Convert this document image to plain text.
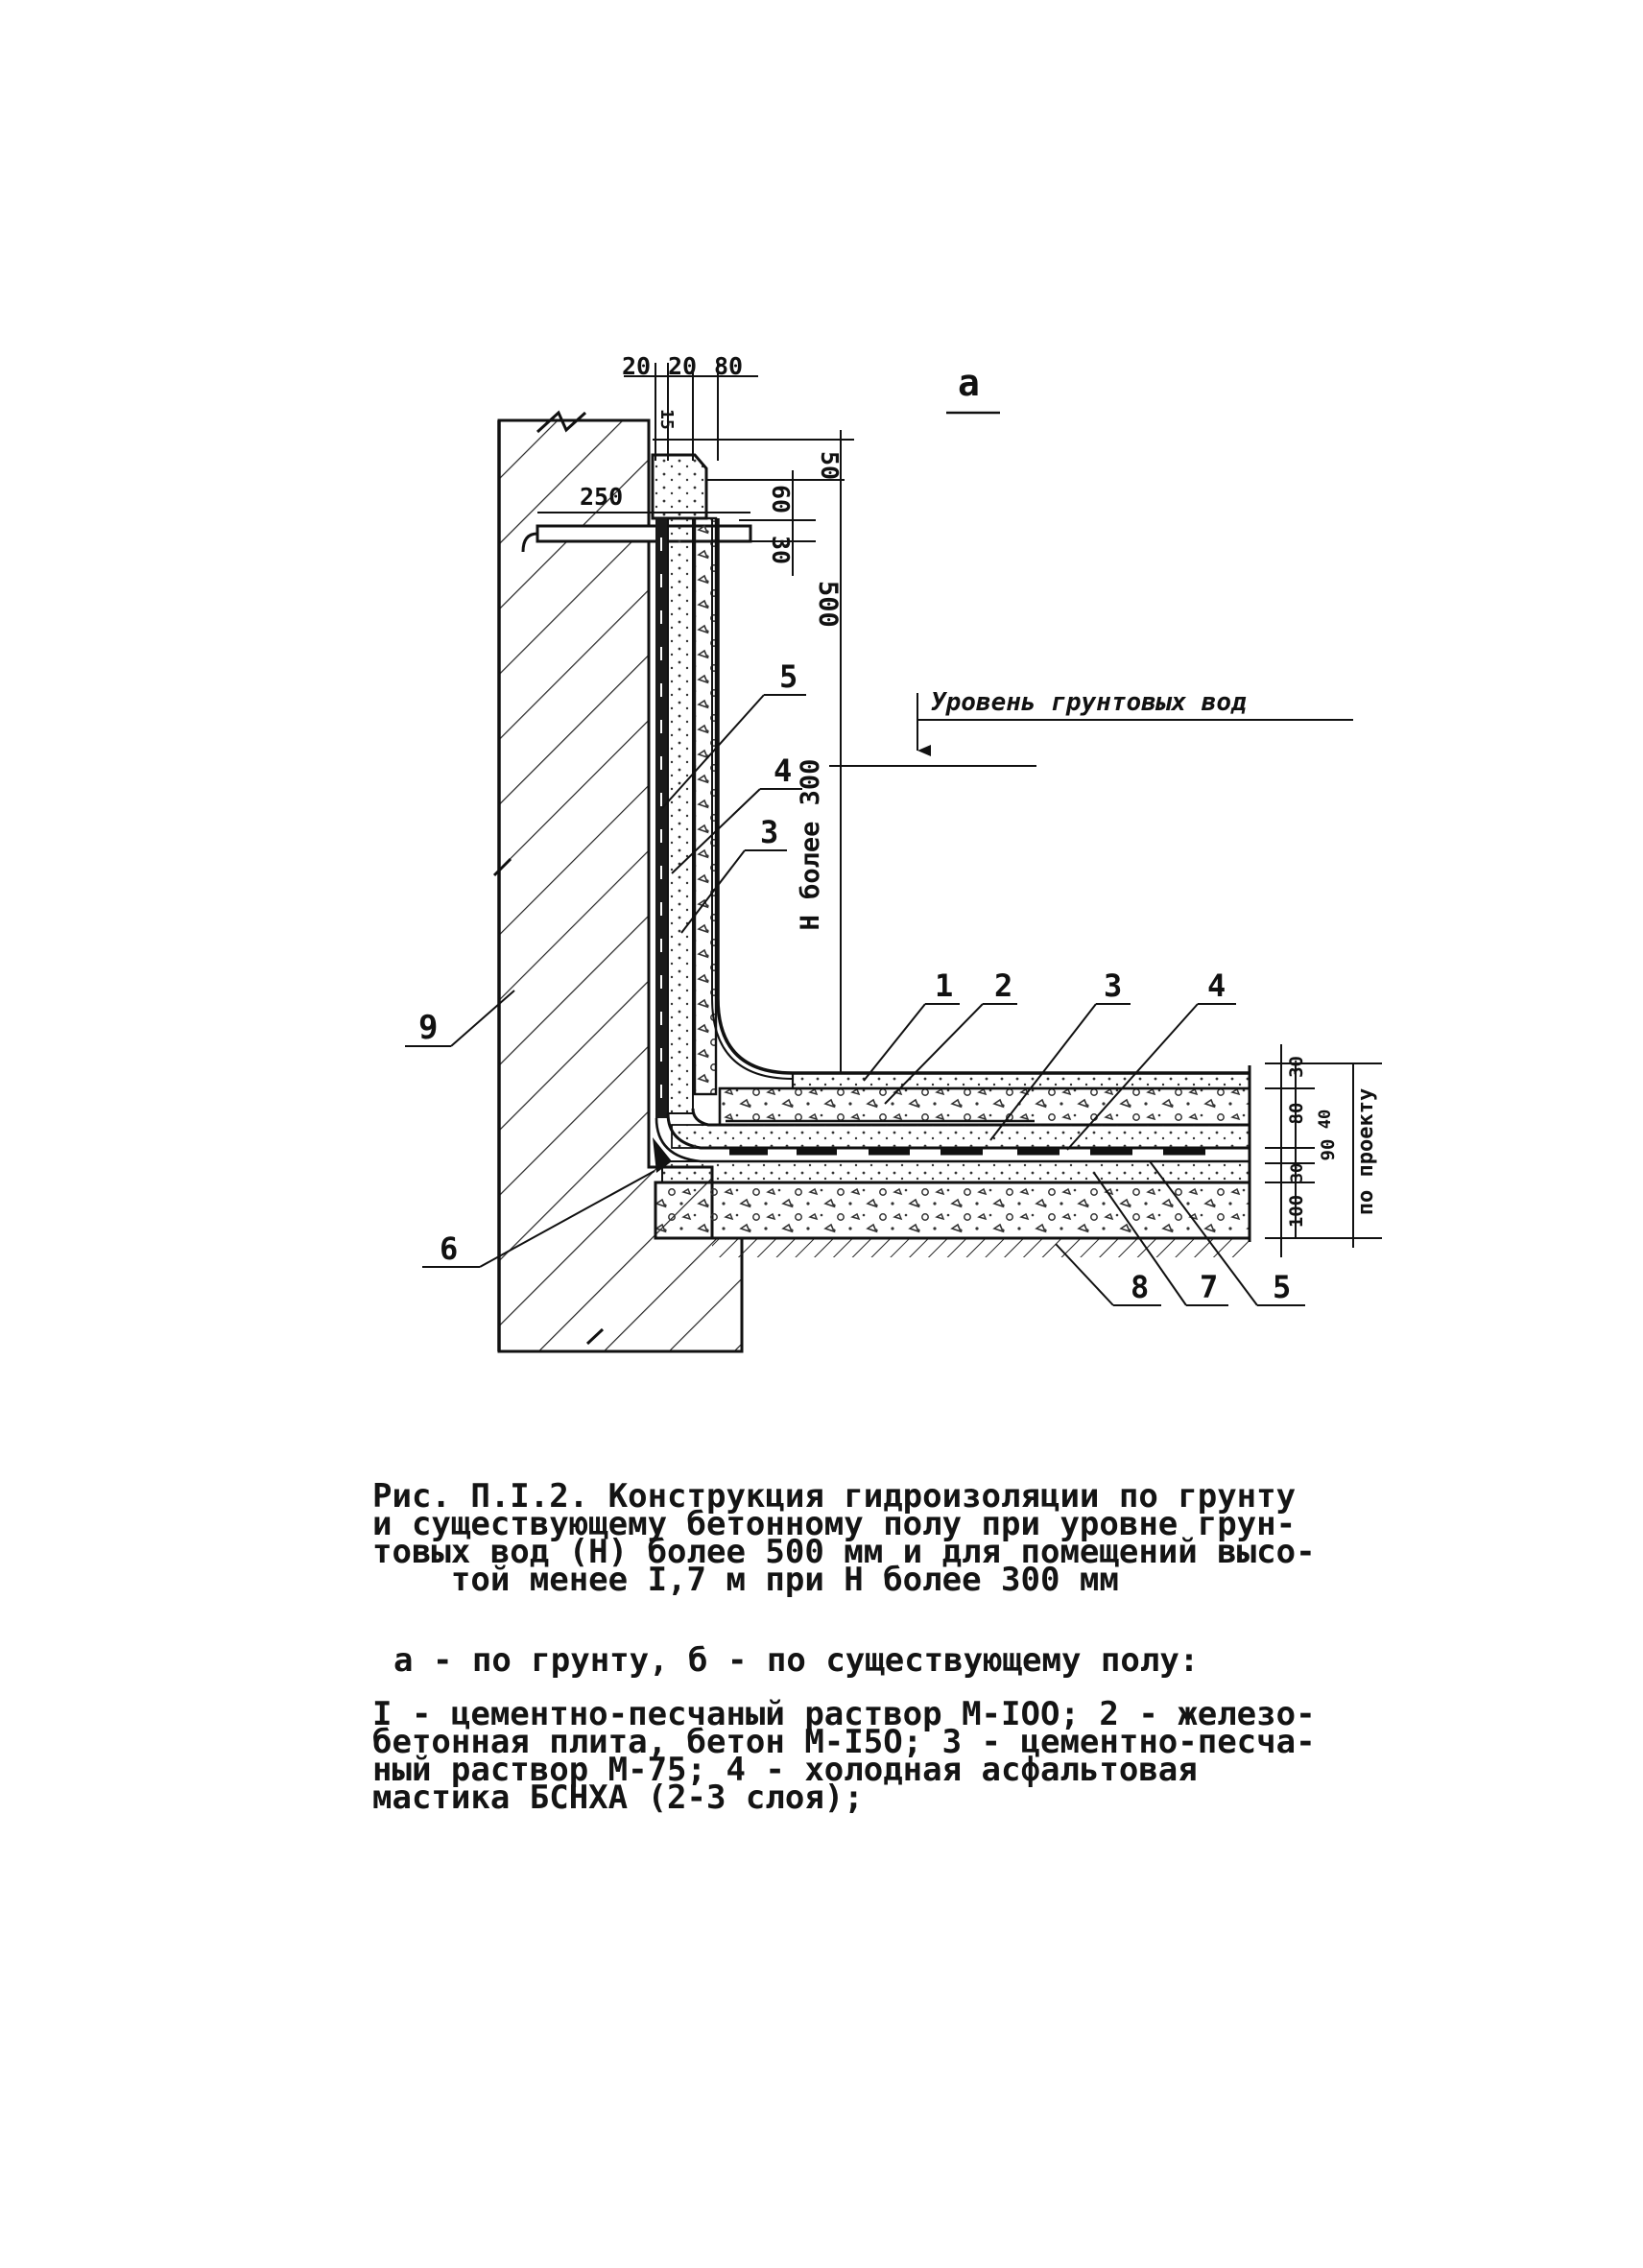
20 20 80
15
250
50
60
30
500
Н более 300
а
Уровень грунтовых вод
30
80
90
40
30
100 по проекту
5
4
3
9
6
1 2	3	4
8 7 5
Рис. П.I.2. Конструкция гидроизоляции по грунту
и существующему бетонному полу при уровне грун-
товых вод (Н) более 500 мм и для помещений высо-
той менее I,7 м при Н более 300 мм
а - по грунту, б - по существующему полу:
I - цементно-песчаный раствор М-IOO; 2 - железо-
бетонная плита, бетон М-I5O; 3 - цементно-песча-
ный раствор М-75; 4 - холодная асфальтовая
мастика БСНХА (2-3 слоя);
